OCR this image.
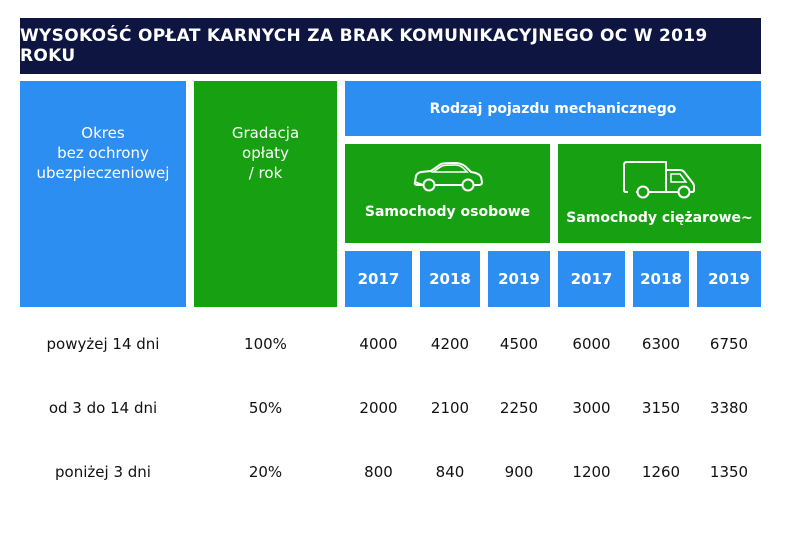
WYSOKOŚĆ OPŁAT KARNYCH ZA BRAK KOMUNIKACYJNEGO OC W 2019 ROKU
Okres
bez ochrony
ubezpieczeniowej
Gradacja
opłaty
/ rok
Rodzaj pojazdu mechanicznego
Samochody osobowe	Samochody ciężarowe~
2017	2018	2019	2017	2018	2019
powyżej 14 dni	100%	4000	4200	4500	6000	6300	6750
od 3 do 14 dni	50%	2000	2100	2250	3000	3150	3380
poniżej 3 dni	20%	800	840	900	1200	1260	1350
